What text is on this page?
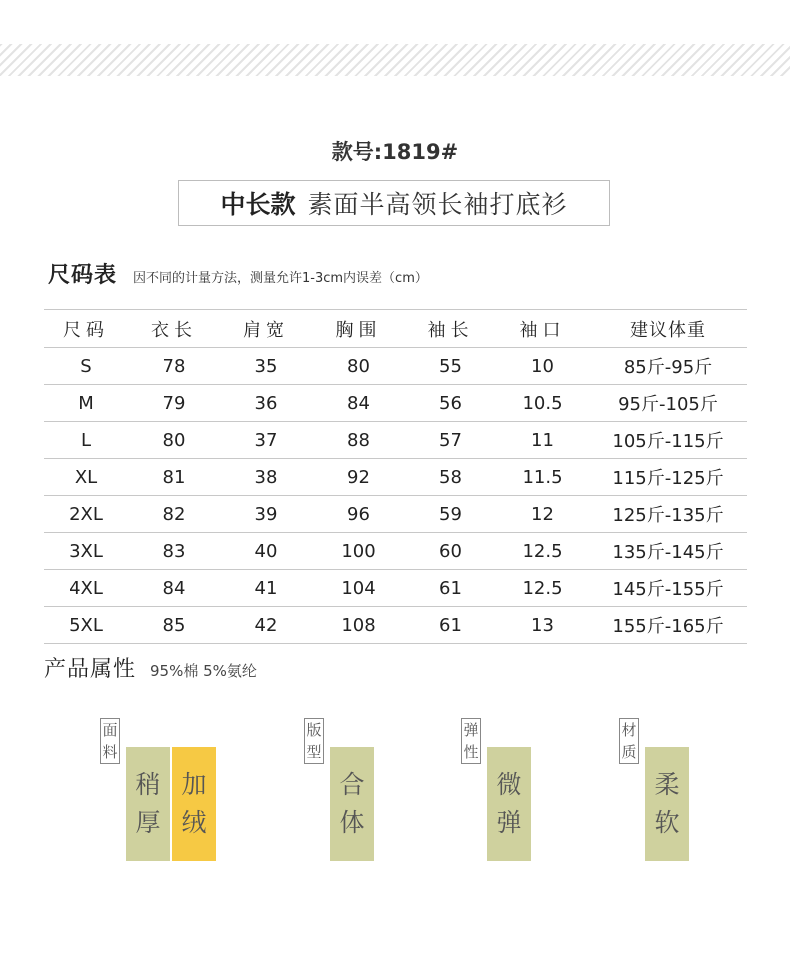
款号:1819#
中长款 素面半高领长袖打底衫
尺码表 因不同的计量方法，测量允许1-3cm内误差（cm）
尺码	衣长	肩宽	胸围	袖长	袖口	建议体重
S	78	35	80	55	10	85斤-95斤
M	79	36	84	56	10.5	95斤-105斤
L	80	37	88	57	11	105斤-115斤
XL	81	38	92	58	11.5	115斤-125斤
2XL	82	39	96	59	12	125斤-135斤
3XL	83	40	100	60	12.5	135斤-145斤
4XL	84	41	104	61	12.5	145斤-155斤
5XL	85	42	108	61	13	155斤-165斤
产品属性 95%棉 5%氨纶
面料
稍厚
加绒
版型
合体
弹性
微弹
材质
柔软
